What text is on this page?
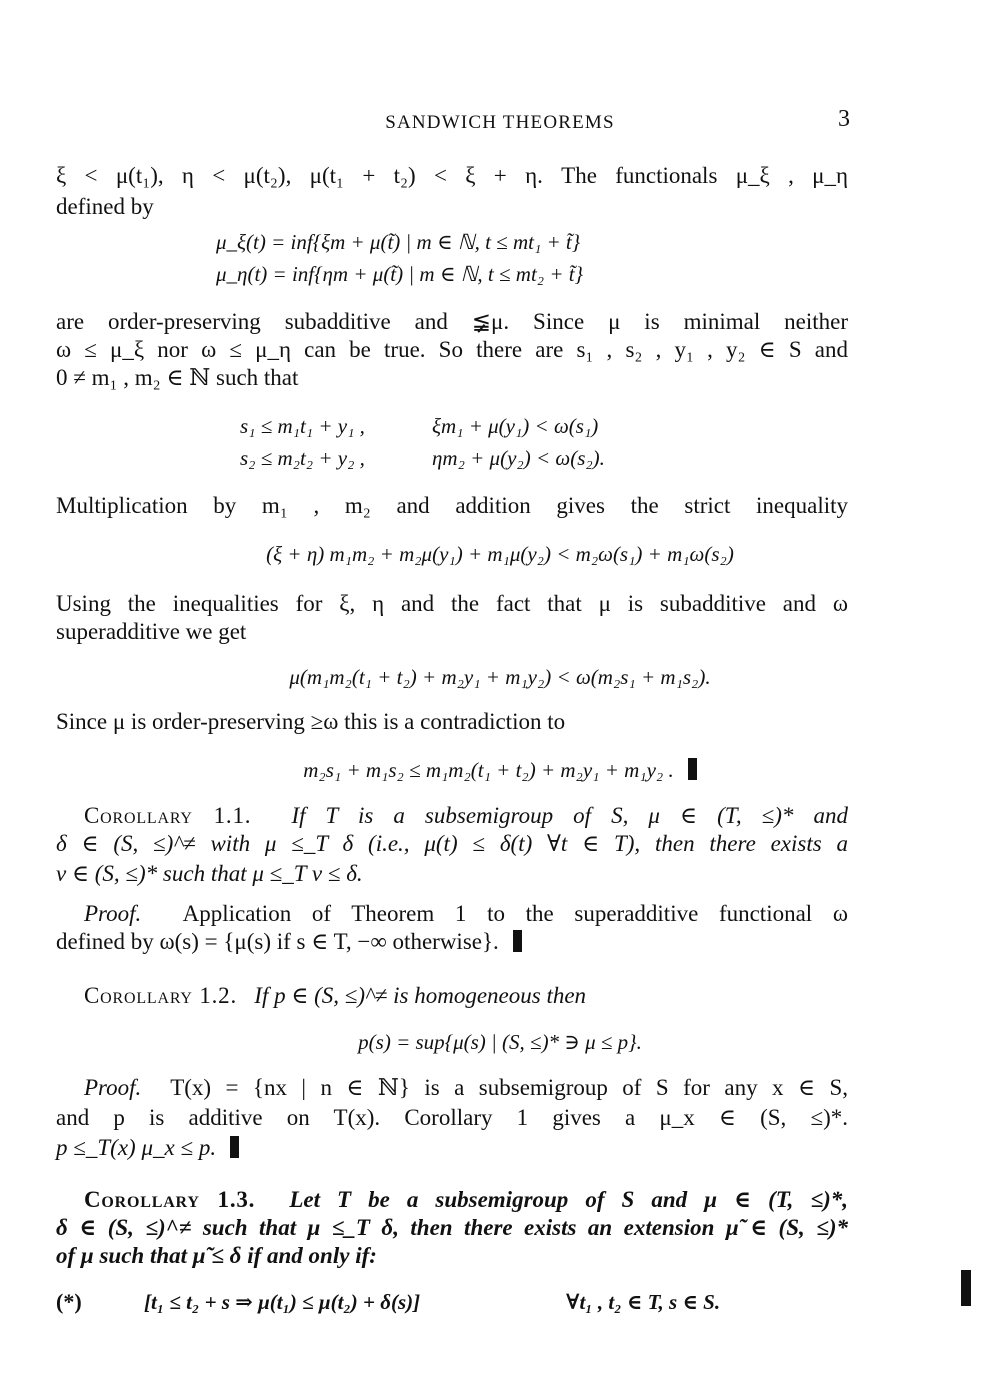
SANDWICH THEOREMS	3
ξ < μ(t₁), η < μ(t₂), μ(t₁ + t₂) < ξ + η. The functionals μ_ξ , μ_η
defined by
μ_ξ(t) = inf{ξm + μ(t̃) | m ∈ ℕ, t ≤ mt₁ + t̃}
μ_η(t) = inf{ηm + μ(t̃) | m ∈ ℕ, t ≤ mt₂ + t̃}
are order-preserving subadditive and ≨μ. Since μ is minimal neither
ω ≤ μ_ξ nor ω ≤ μ_η can be true. So there are s₁ , s₂ , y₁ , y₂ ∈ S and
0 ≠ m₁ , m₂ ∈ ℕ such that
s₁ ≤ m₁t₁ + y₁ ,	ξm₁ + μ(y₁) < ω(s₁)
s₂ ≤ m₂t₂ + y₂ ,	ηm₂ + μ(y₂) < ω(s₂).
Multiplication by m₁ , m₂ and addition gives the strict inequality
(ξ + η) m₁m₂ + m₂μ(y₁) + m₁μ(y₂) < m₂ω(s₁) + m₁ω(s₂)
Using the inequalities for ξ, η and the fact that μ is subadditive and ω
superadditive we get
μ(m₁m₂(t₁ + t₂) + m₂y₁ + m₁y₂) < ω(m₂s₁ + m₁s₂).
Since μ is order-preserving ≥ω this is a contradiction to
m₂s₁ + m₁s₂ ≤ m₁m₂(t₁ + t₂) + m₂y₁ + m₁y₂ .
Corollary 1.1. If T is a subsemigroup of S, μ ∈ (T, ≤)* and
δ ∈ (S, ≤)^≠ with μ ≤_T δ (i.e., μ(t) ≤ δ(t) ∀t ∈ T), then there exists a
ν ∈ (S, ≤)* such that μ ≤_T ν ≤ δ.
Proof. Application of Theorem 1 to the superadditive functional ω
defined by ω(s) = {μ(s) if s ∈ T, −∞ otherwise}.
Corollary 1.2. If p ∈ (S, ≤)^≠ is homogeneous then
p(s) = sup{μ(s) | (S, ≤)* ∋ μ ≤ p}.
Proof. T(x) = {nx | n ∈ ℕ} is a subsemigroup of S for any x ∈ S,
and p is additive on T(x). Corollary 1 gives a μ_x ∈ (S, ≤)*.
p ≤_T(x) μ_x ≤ p.
Corollary 1.3. Let T be a subsemigroup of S and μ ∈ (T, ≤)*,
δ ∈ (S, ≤)^≠ such that μ ≤_T δ, then there exists an extension μ̃ ∈ (S, ≤)*
of μ such that μ̃ ≤ δ if and only if:
(*)	[t₁ ≤ t₂ + s ⇒ μ(t₁) ≤ μ(t₂) + δ(s)]	∀t₁ , t₂ ∈ T, s ∈ S.
